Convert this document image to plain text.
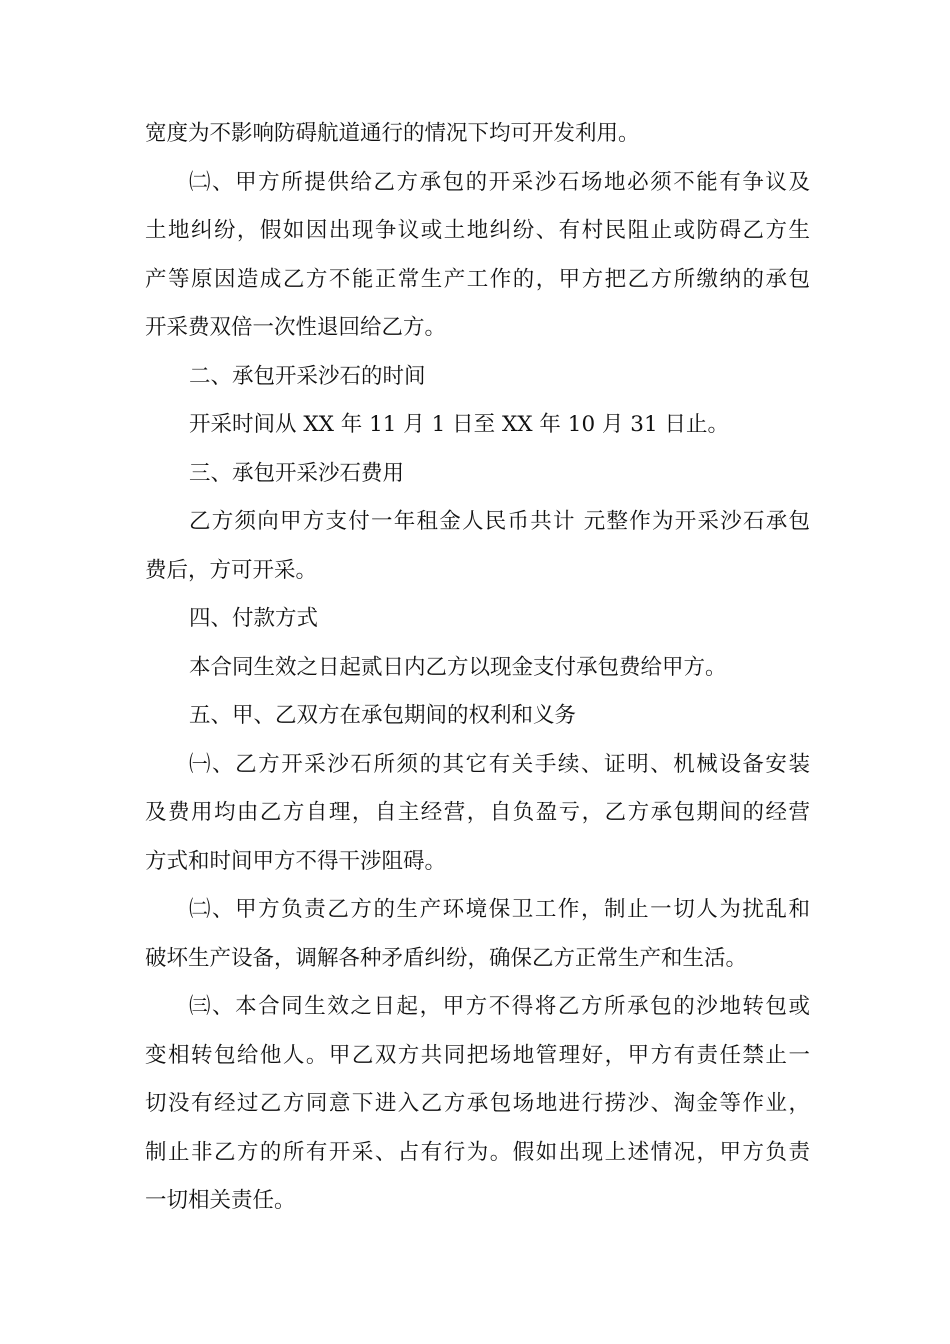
宽度为不影响防碍航道通行的情况下均可开发利用。
㈡、甲方所提供给乙方承包的开采沙石场地必须不能有争议及
土地纠纷，假如因出现争议或土地纠纷、有村民阻止或防碍乙方生
产等原因造成乙方不能正常生产工作的，甲方把乙方所缴纳的承包
开采费双倍一次性退回给乙方。
二、承包开采沙石的时间
开采时间从 XX 年 11 月 1 日至 XX 年 10 月 31 日止。
三、承包开采沙石费用
乙方须向甲方支付一年租金人民币共计 元整作为开采沙石承包
费后，方可开采。
四、付款方式
本合同生效之日起贰日内乙方以现金支付承包费给甲方。
五、甲、乙双方在承包期间的权利和义务
㈠、乙方开采沙石所须的其它有关手续、证明、机械设备安装
及费用均由乙方自理，自主经营，自负盈亏，乙方承包期间的经营
方式和时间甲方不得干涉阻碍。
㈡、甲方负责乙方的生产环境保卫工作，制止一切人为扰乱和
破坏生产设备，调解各种矛盾纠纷，确保乙方正常生产和生活。
㈢、本合同生效之日起，甲方不得将乙方所承包的沙地转包或
变相转包给他人。甲乙双方共同把场地管理好，甲方有责任禁止一
切没有经过乙方同意下进入乙方承包场地进行捞沙、淘金等作业，
制止非乙方的所有开采、占有行为。假如出现上述情况，甲方负责
一切相关责任。
